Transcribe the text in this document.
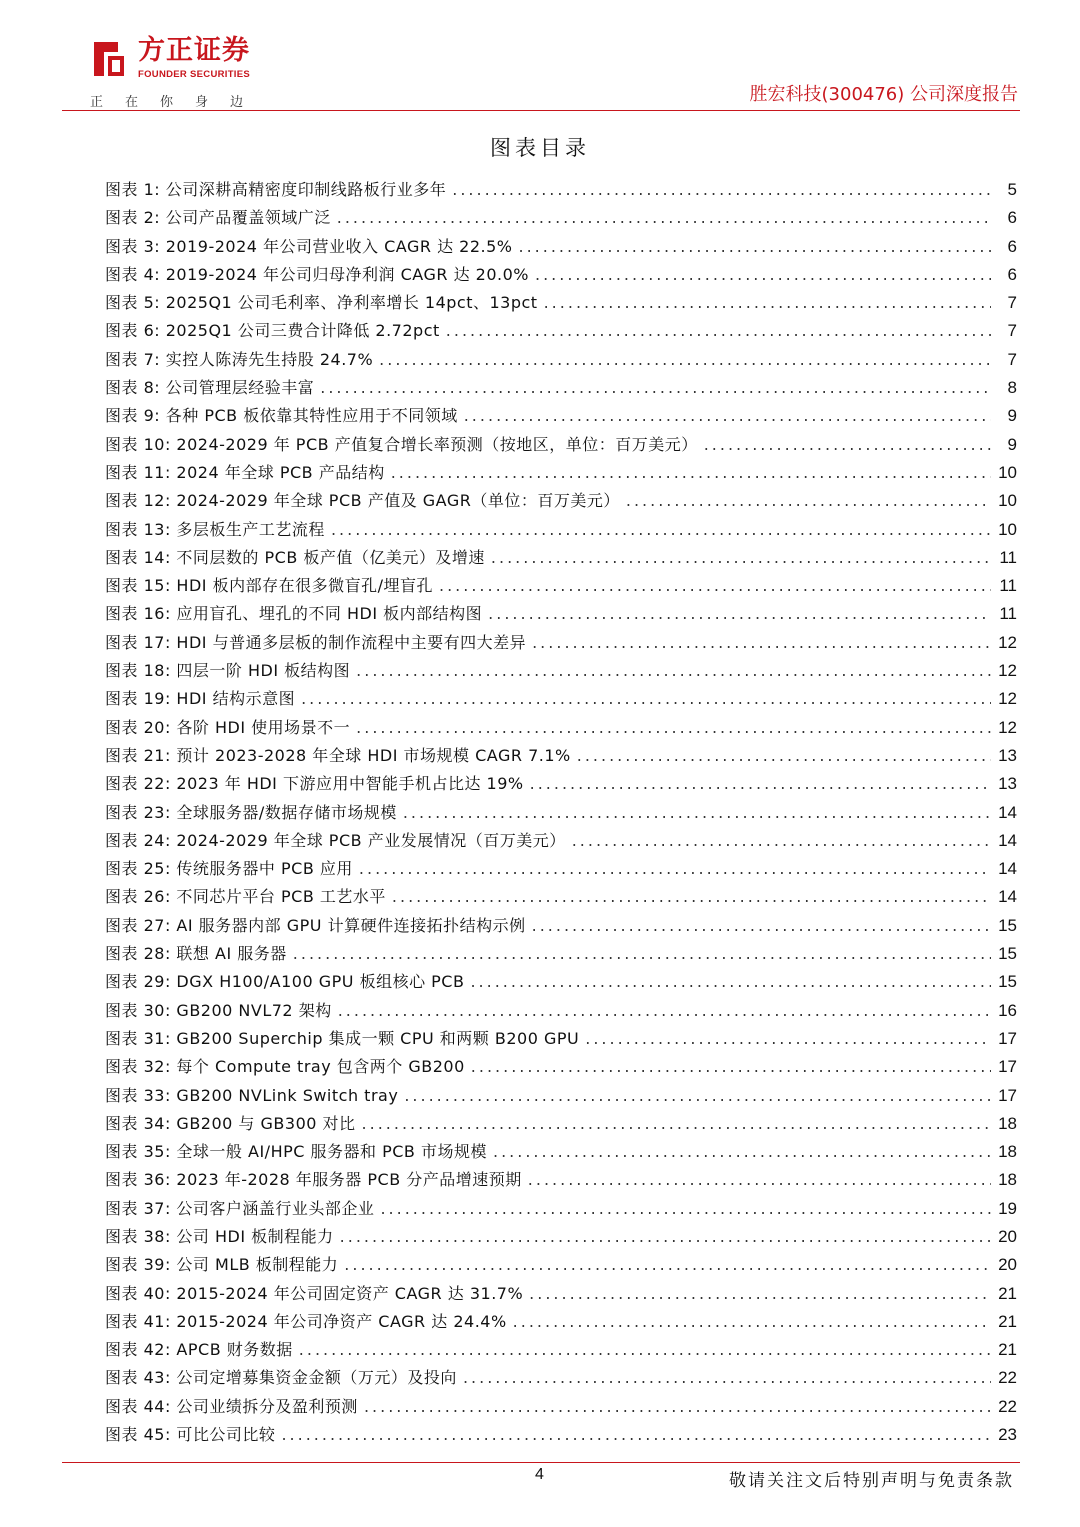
方正证券
FOUNDER SECURITIES
正在你身边	胜宏科技(300476) 公司深度报告
图表目录
图表 1: 公司深耕高精密度印制线路板行业多年 .....	5
图表 2: 公司产品覆盖领域广泛 .....	6
图表 3: 2019-2024 年公司营业收入 CAGR 达 22.5% .....	6
图表 4: 2019-2024 年公司归母净利润 CAGR 达 20.0% .....	6
图表 5: 2025Q1 公司毛利率、净利率增长 14pct、13pct .....	7
图表 6: 2025Q1 公司三费合计降低 2.72pct .....	7
图表 7: 实控人陈涛先生持股 24.7% .....	7
图表 8: 公司管理层经验丰富 .....	8
图表 9: 各种 PCB 板依靠其特性应用于不同领域 .....	9
图表 10: 2024-2029 年 PCB 产值复合增长率预测（按地区，单位：百万美元） .....	9
图表 11: 2024 年全球 PCB 产品结构 .....	10
图表 12: 2024-2029 年全球 PCB 产值及 GAGR（单位：百万美元） .....	10
图表 13: 多层板生产工艺流程 .....	10
图表 14: 不同层数的 PCB 板产值（亿美元）及增速 .....	11
图表 15: HDI 板内部存在很多微盲孔/埋盲孔 .....	11
图表 16: 应用盲孔、埋孔的不同 HDI 板内部结构图 .....	11
图表 17: HDI 与普通多层板的制作流程中主要有四大差异 .....	12
图表 18: 四层一阶 HDI 板结构图 .....	12
图表 19: HDI 结构示意图 .....	12
图表 20: 各阶 HDI 使用场景不一 .....	12
图表 21: 预计 2023-2028 年全球 HDI 市场规模 CAGR 7.1% .....	13
图表 22: 2023 年 HDI 下游应用中智能手机占比达 19% .....	13
图表 23: 全球服务器/数据存储市场规模 .....	14
图表 24: 2024-2029 年全球 PCB 产业发展情况（百万美元） .....	14
图表 25: 传统服务器中 PCB 应用 .....	14
图表 26: 不同芯片平台 PCB 工艺水平 .....	14
图表 27: AI 服务器内部 GPU 计算硬件连接拓扑结构示例 .....	15
图表 28: 联想 AI 服务器 .....	15
图表 29: DGX H100/A100 GPU 板组核心 PCB .....	15
图表 30: GB200 NVL72 架构 .....	16
图表 31: GB200 Superchip 集成一颗 CPU 和两颗 B200 GPU .....	17
图表 32: 每个 Compute tray 包含两个 GB200 .....	17
图表 33: GB200 NVLink Switch tray .....	17
图表 34: GB200 与 GB300 对比 .....	18
图表 35: 全球一般 AI/HPC 服务器和 PCB 市场规模 .....	18
图表 36: 2023 年-2028 年服务器 PCB 分产品增速预期 .....	18
图表 37: 公司客户涵盖行业头部企业 .....	19
图表 38: 公司 HDI 板制程能力 .....	20
图表 39: 公司 MLB 板制程能力 .....	20
图表 40: 2015-2024 年公司固定资产 CAGR 达 31.7% .....	21
图表 41: 2015-2024 年公司净资产 CAGR 达 24.4% .....	21
图表 42: APCB 财务数据 .....	21
图表 43: 公司定增募集资金金额（万元）及投向 .....	22
图表 44: 公司业绩拆分及盈利预测 .....	22
图表 45: 可比公司比较 .....	23
4	敬请关注文后特别声明与免责条款
